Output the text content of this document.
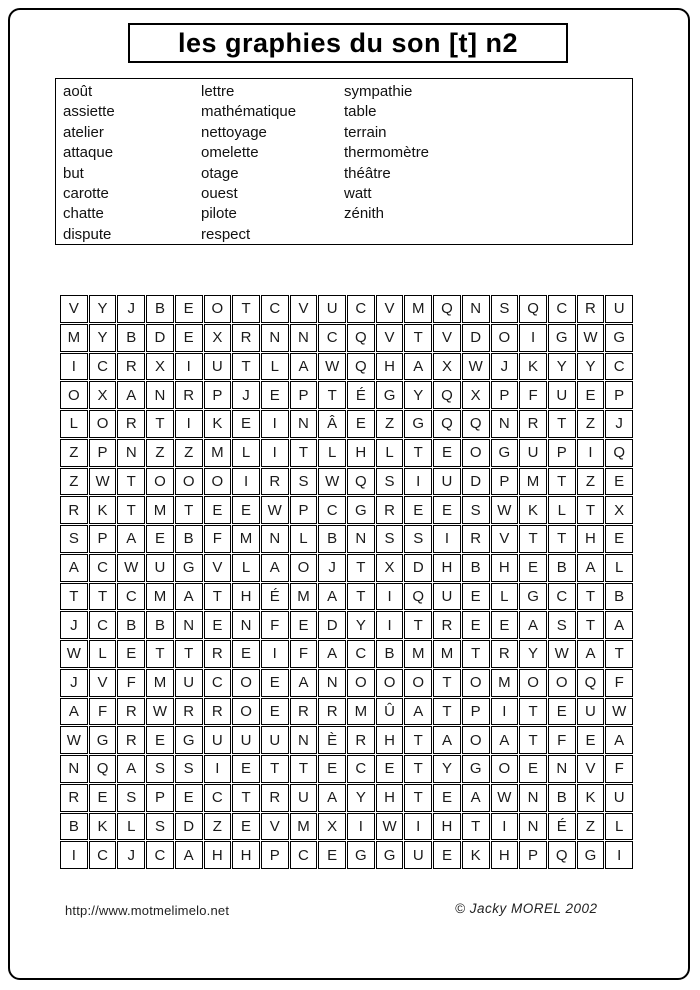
les graphies du son [t] n2
août
assiette
atelier
attaque
but
carotte
chatte
dispute
lettre
mathématique
nettoyage
omelette
otage
ouest
pilote
respect
sympathie
table
terrain
thermomètre
théâtre
watt
zénith
V	Y	J	B	E	O	T	C	V	U	C	V	M	Q	N	S	Q	C	R	U
M	Y	B	D	E	X	R	N	N	C	Q	V	T	V	D	O	I	G	W	G
I	C	R	X	I	U	T	L	A	W	Q	H	A	X	W	J	K	Y	Y	C
O	X	A	N	R	P	J	E	P	T	É	G	Y	Q	X	P	F	U	E	P
L	O	R	T	I	K	E	I	N	Â	E	Z	G	Q	Q	N	R	T	Z	J
Z	P	N	Z	Z	M	L	I	T	L	H	L	T	E	O	G	U	P	I	Q
Z	W	T	O	O	O	I	R	S	W	Q	S	I	U	D	P	M	T	Z	E
R	K	T	M	T	E	E	W	P	C	G	R	E	E	S	W	K	L	T	X
S	P	A	E	B	F	M	N	L	B	N	S	S	I	R	V	T	T	H	E
A	C	W	U	G	V	L	A	O	J	T	X	D	H	B	H	E	B	A	L
T	T	C	M	A	T	H	É	M	A	T	I	Q	U	E	L	G	C	T	B
J	C	B	B	N	E	N	F	E	D	Y	I	T	R	E	E	A	S	T	A
W	L	E	T	T	R	E	I	F	A	C	B	M	M	T	R	Y	W	A	T
J	V	F	M	U	C	O	E	A	N	O	O	O	T	O	M	O	O	Q	F
A	F	R	W	R	R	O	E	R	R	M	Û	A	T	P	I	T	E	U	W
W	G	R	E	G	U	U	U	N	È	R	H	T	A	O	A	T	F	E	A
N	Q	A	S	S	I	E	T	T	E	C	E	T	Y	G	O	E	N	V	F
R	E	S	P	E	C	T	R	U	A	Y	H	T	E	A	W	N	B	K	U
B	K	L	S	D	Z	E	V	M	X	I	W	I	H	T	I	N	É	Z	L
I	C	J	C	A	H	H	P	C	E	G	G	U	E	K	H	P	Q	G	I
http://www.motmelimelo.net	© Jacky MOREL 2002
